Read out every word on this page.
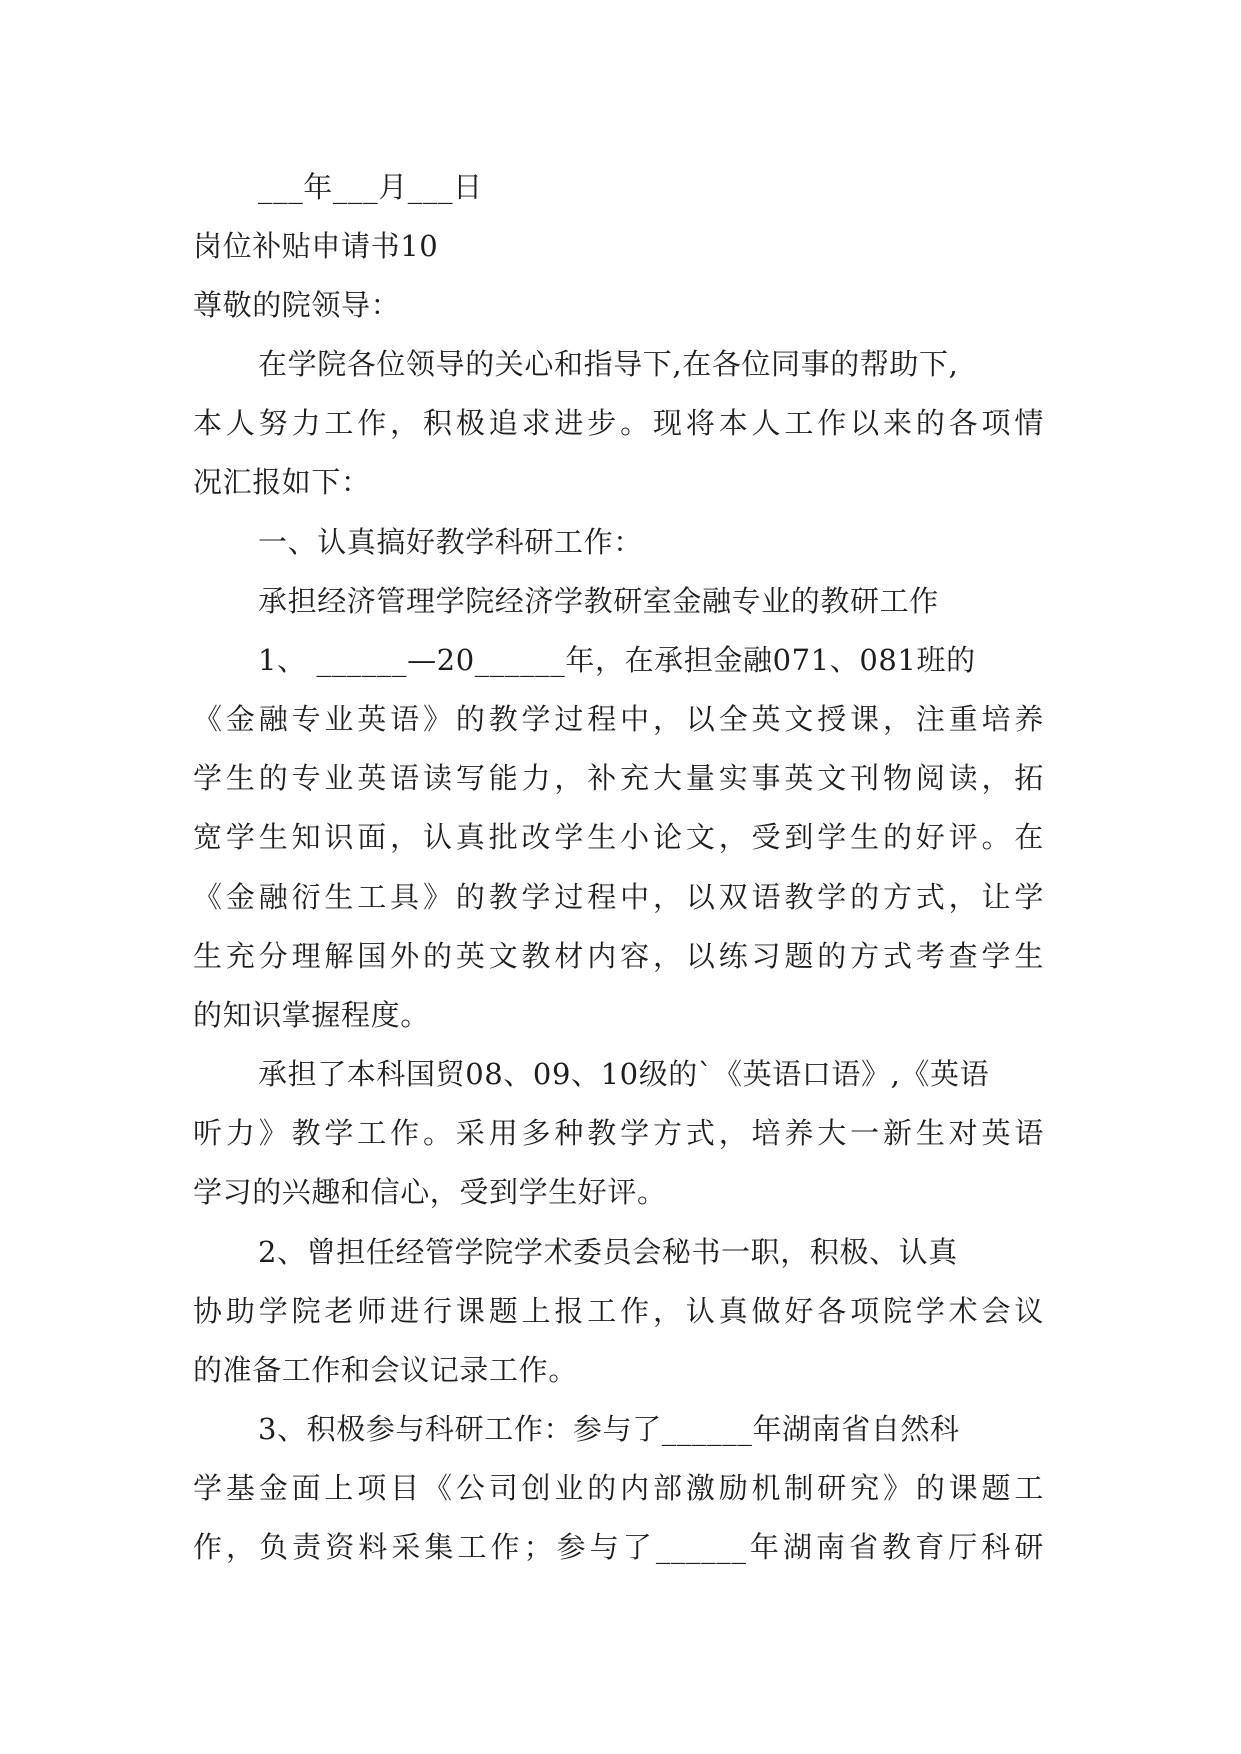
___年___月___日
岗位补贴申请书10
尊敬的院领导：
在学院各位领导的关心和指导下,在各位同事的帮助下,
本人努力工作，积极追求进步。现将本人工作以来的各项情
况汇报如下：
一、认真搞好教学科研工作：
承担经济管理学院经济学教研室金融专业的教研工作
1、 ______—20______年，在承担金融071、081班的
《金融专业英语》的教学过程中，以全英文授课，注重培养
学生的专业英语读写能力，补充大量实事英文刊物阅读，拓
宽学生知识面，认真批改学生小论文，受到学生的好评。在
《金融衍生工具》的教学过程中，以双语教学的方式，让学
生充分理解国外的英文教材内容，以练习题的方式考查学生
的知识掌握程度。
承担了本科国贸08、09、10级的`《英语口语》,《英语
听力》教学工作。采用多种教学方式，培养大一新生对英语
学习的兴趣和信心，受到学生好评。
2、曾担任经管学院学术委员会秘书一职，积极、认真
协助学院老师进行课题上报工作，认真做好各项院学术会议
的准备工作和会议记录工作。
3、积极参与科研工作：参与了______年湖南省自然科
学基金面上项目《公司创业的内部激励机制研究》的课题工
作，负责资料采集工作；参与了______年湖南省教育厅科研
